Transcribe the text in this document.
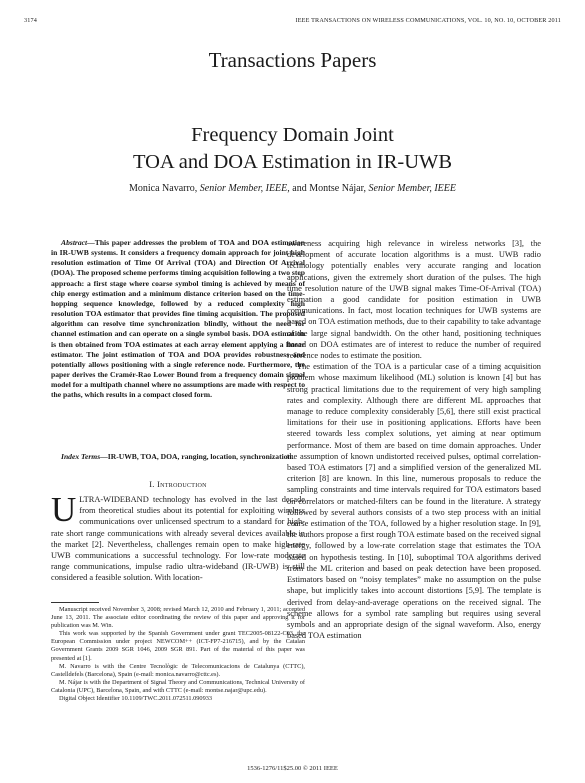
3174	IEEE TRANSACTIONS ON WIRELESS COMMUNICATIONS, VOL. 10, NO. 10, OCTOBER 2011
Transactions Papers
Frequency Domain Joint
TOA and DOA Estimation in IR-UWB
Monica Navarro, Senior Member, IEEE, and Montse Nájar, Senior Member, IEEE
Abstract—This paper addresses the problem of TOA and DOA estimation in IR-UWB systems. It considers a frequency domain approach for joint high resolution estimation of Time Of Arrival (TOA) and Direction Of Arrival (DOA). The proposed scheme performs timing acquisition following a two step approach: a first stage where coarse symbol timing is achieved by means of chip energy estimation and a minimum distance criterion based on the time-hopping sequence knowledge, followed by a reduced complexity high resolution TOA estimator that provides fine timing acquisition. The proposed algorithm can resolve time synchronization blindly, without the need for channel estimation and can operate on a single symbol basis. DOA estimation is then obtained from TOA estimates at each array element applying a linear estimator. The joint estimation of TOA and DOA provides robustness and potentially allows positioning with a single reference node. Furthermore, the paper derives the Cramér-Rao Lower Bound from a frequency domain signal model for a multipath channel where no assumptions are made with respect to the paths, which results in a compact closed form.
Index Terms—IR-UWB, TOA, DOA, ranging, location, synchronization.
I. Introduction
ULTRA-WIDEBAND technology has evolved in the last decade from theoretical studies about its potential for exploiting wireless communications over unlicensed spectrum to a standard for high-rate short range communications with already several devices available in the market [2]. Nevertheless, challenges remain open to make high-rate UWB communications a successful technology. For low-rate moderate range communications, impulse radio ultra-wideband (IR-UWB) is still considered a feasible solution. With location-

Manuscript received November 3, 2008; revised March 12, 2010 and February 1, 2011; accepted June 13, 2011. The associate editor coordinating the review of this paper and approving it for publication was M. Win.

This work was supported by the Spanish Government under grant TEC2005-08122-C03, the European Commission under project NEWCOM++ (ICT-FP7-216715), and by the Catalan Government Grants 2009 SGR 1046, 2009 SGR 891. Part of the material of this paper was presented at [1].

M. Navarro is with the Centre Tecnològic de Telecomunicacions de Catalunya (CTTC), Castelldefels (Barcelona), Spain (e-mail: monica.navarro@cttc.es).

M. Nájar is with the Department of Signal Theory and Communications, Technical University of Catalonia (UPC), Barcelona, Spain, and with CTTC (e-mail: montse.najar@upc.edu).

Digital Object Identifier 10.1109/TWC.2011.072511.090933

awareness acquiring high relevance in wireless networks [3], the development of accurate location algorithms is a must. UWB radio technology potentially enables very accurate ranging and location applications, given the extremely short duration of the pulses. The high time resolution nature of the UWB signal makes Time-Of-Arrival (TOA) estimation a good candidate for position estimation in UWB communications. In fact, most location techniques for UWB systems are based on TOA estimation methods, due to their capability to take advantage of the large signal bandwidth. On the other hand, positioning techniques based on DOA estimates are of interest to reduce the number of required reference nodes to estimate the position.

The estimation of the TOA is a particular case of a timing acquisition problem whose maximum likelihood (ML) solution is known [4] but has strong practical limitations due to the requirement of very high sampling rates and complexity. Although there are different ML approaches that manage to reduce complexity considerably [5,6], there still exist practical limitations for their use in positioning applications. Efforts have been steered towards less complex solutions, yet aiming at near optimum performance. Most of them are based on time domain approaches. Under the assumption of known undistorted received pulses, optimal correlation-based TOA estimators [7] and a simplified version of the generalized ML criterion [8] are known. In this line, numerous proposals to reduce the sampling constraints and time intervals required for TOA estimators based on correlators or matched-filters can be found in the literature. A strategy followed by several authors consists of a two step process with an initial coarse estimation of the TOA, followed by a higher resolution stage. In [9], the authors propose a first rough TOA estimate based on the received signal energy, followed by a low-rate correlation stage that estimates the TOA based on hypothesis testing. In [10], suboptimal TOA algorithms derived from the ML criterion and based on peak detection have been proposed. Estimators based on “noisy templates” make no assumption on the pulse shape, but implicitly takes into account distortions [5,9]. The template is derived from delay-and-average operations on the received signal. The scheme allows for a symbol rate sampling but requires using several symbols and an appropriate design of the signal waveform. Also, energy based TOA estimation

1536-1276/11$25.00 © 2011 IEEE
